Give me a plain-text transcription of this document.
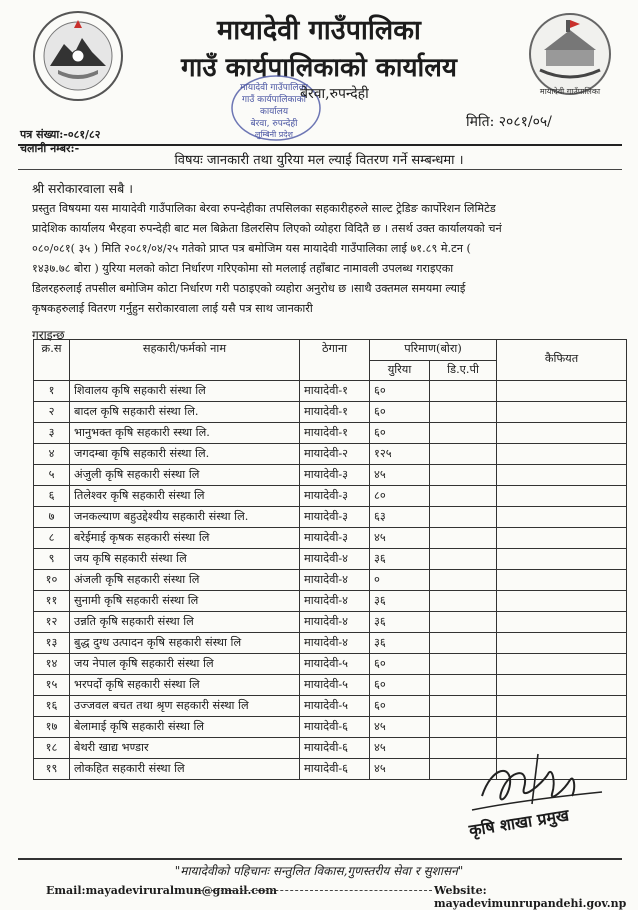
मायादेवी गाउँपालिका
मायादेवी गाउँपालिका
गाउँ कार्यपालिकाको कार्यालय
मायादेवी गाउँपालिका
गाउँ कार्यपालिकाको
कार्यालय
बेरवा, रुपन्देही
लुम्बिनी प्रदेश
बेरवा,रुपन्देही
पत्र संख्या:-०८१/८२
चलानी नम्बर:-
मिति: २०८१/०५/
विषयः जानकारी तथा युरिया मल ल्याई वितरण गर्ने सम्बन्धमा ।
श्री सरोकारवाला सबै ।

प्रस्तुत विषयमा यस मायादेवी गाउँपालिका बेरवा रुपन्देहीका तपसिलका सहकारीहरुले साल्ट ट्रेडिङ कार्पोरेशन लिमिटेड

प्रादेशिक कार्यालय भैरहवा रुपन्देही बाट मल बिक्रेता डिलरसिप लिएको व्योहरा विदितै छ । तसर्थ उक्त कार्यालयको चनं

०८०/०८१( ३५ ) मिति २०८१/०४/२५ गतेको प्राप्त पत्र बमोजिम यस मायादेवी गाउँपालिका लाई ७१.८९ मे.टन (

१४३७.७८ बोरा ) युरिया मलको कोटा निर्धारण गरिएकोमा सो मललाई तहाँबाट नामावली उपलब्ध गराइएका

डिलरहरुलाई तपसील बमोजिम कोटा निर्धारण गरी पठाइएको व्यहोरा अनुरोध छ ।साथै उक्तमल समयमा ल्याई

कृषकहरुलाई वितरण गर्नुहुन सरोकारवाला लाई यसै पत्र साथ जानकारी

गराइन्छ
क्र.स	सहकारी/फर्मको नाम	ठेगाना	परिमाण(बोरा)		कैफियत
			युरिया	डि.ए.पी	
१	शिवालय कृषि सहकारी संस्था लि	मायादेवी-१	६०		
२	बादल कृषि सहकारी संस्था लि.	मायादेवी-१	६०		
३	भानुभक्त कृषि सहकारी स्स्था लि.	मायादेवी-१	६०		
४	जगदम्बा कृषि सहकारी संस्था लि.	मायादेवी-२	१२५		
५	अंजुली कृषि सहकारी संस्था लि	मायादेवी-३	४५		
६	तिलेश्वर कृषि सहकारी संस्था लि	मायादेवी-३	८०		
७	जनकल्याण बहुउद्देश्यीय सहकारी संस्था लि.	मायादेवी-३	६३		
८	बरेईमाई कृषक सहकारी संस्था लि	मायादेवी-३	४५		
९	जय कृषि सहकारी संस्था लि	मायादेवी-४	३६		
१०	अंजली कृषि सहकारी संस्था लि	मायादेवी-४	०		
११	सुनामी कृषि सहकारी संस्था लि	मायादेवी-४	३६		
१२	उन्नति कृषि सहकारी संस्था लि	मायादेवी-४	३६		
१३	बुद्ध दुग्ध उत्पादन कृषि सहकारी संस्था लि	मायादेवी-४	३६		
१४	जय नेपाल कृषि सहकारी संस्था लि	मायादेवी-५	६०		
१५	भरपर्दो कृषि सहकारी संस्था लि	मायादेवी-५	६०		
१६	उज्जवल बचत तथा श्रृण सहकारी संस्था लि	मायादेवी-५	६०		
१७	बेलामाई कृषि सहकारी संस्था लि	मायादेवी-६	४५		
१८	बेथरी खाद्य भण्डार	मायादेवी-६	४५		
१९	लोकहित सहकारी संस्था लि	मायादेवी-६	४५		
कृषि शाखा प्रमुख
"मायादेवीको पहिचानः सन्तुलित विकास,गुणस्तरीय सेवा र सुशासन"
Email:mayadeviruralmun@gmail.com	Website: mayadevimunrupandehi.gov.np
